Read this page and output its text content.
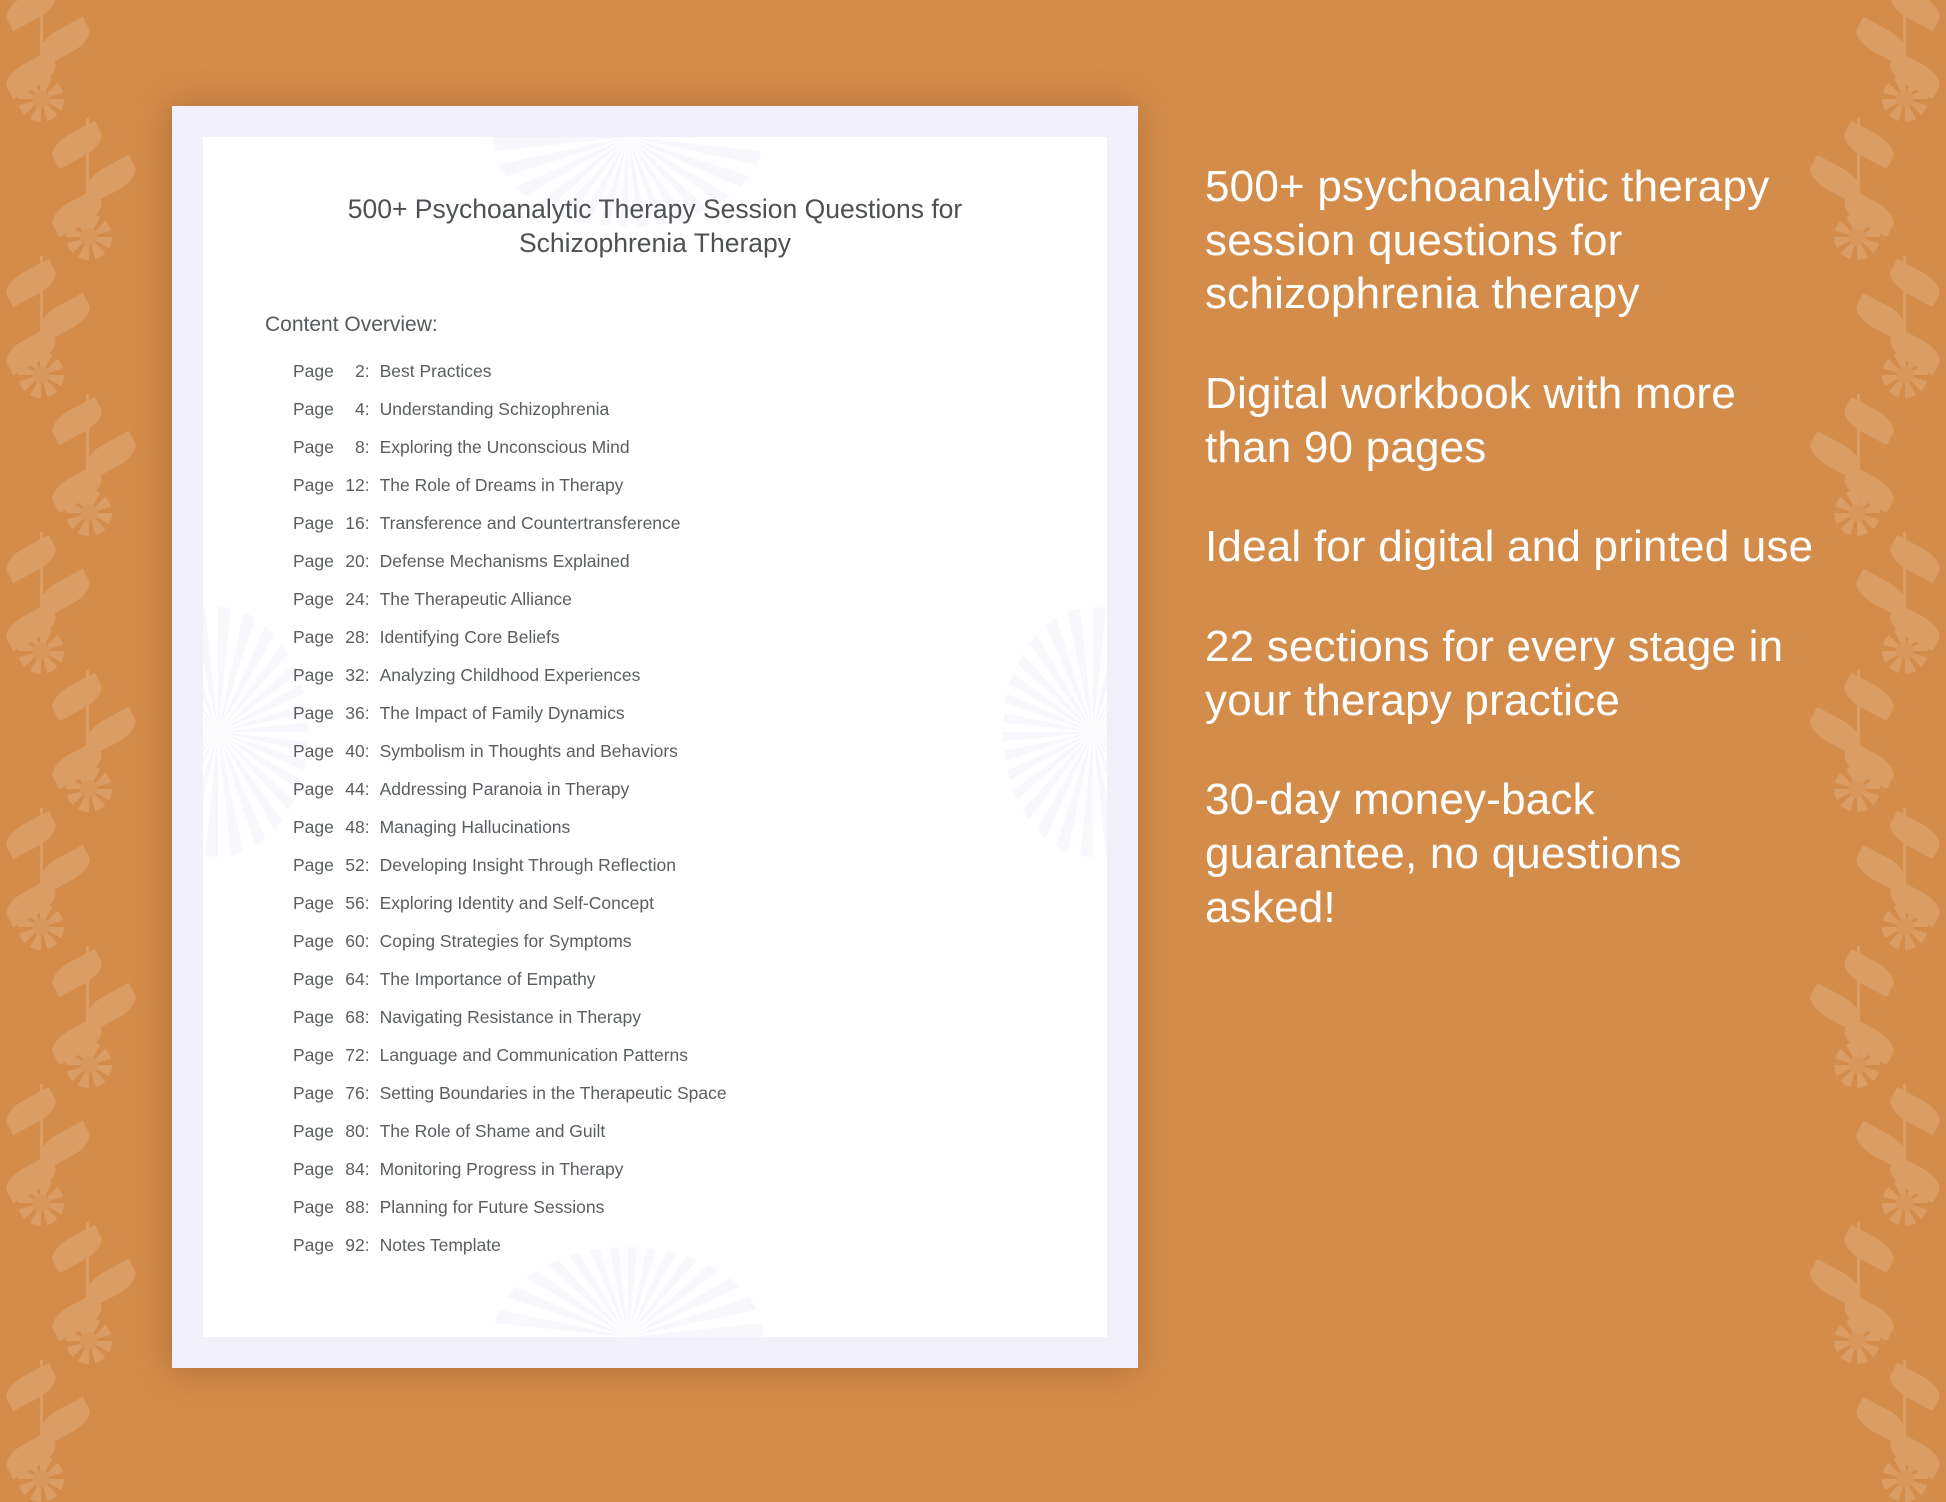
500+ Psychoanalytic Therapy Session Questions for Schizophrenia Therapy
Content Overview:
Page 2 : Best Practices
Page 4 : Understanding Schizophrenia
Page 8 : Exploring the Unconscious Mind
Page 12 : The Role of Dreams in Therapy
Page 16 : Transference and Countertransference
Page 20 : Defense Mechanisms Explained
Page 24 : The Therapeutic Alliance
Page 28 : Identifying Core Beliefs
Page 32 : Analyzing Childhood Experiences
Page 36 : The Impact of Family Dynamics
Page 40 : Symbolism in Thoughts and Behaviors
Page 44 : Addressing Paranoia in Therapy
Page 48 : Managing Hallucinations
Page 52 : Developing Insight Through Reflection
Page 56 : Exploring Identity and Self-Concept
Page 60 : Coping Strategies for Symptoms
Page 64 : The Importance of Empathy
Page 68 : Navigating Resistance in Therapy
Page 72 : Language and Communication Patterns
Page 76 : Setting Boundaries in the Therapeutic Space
Page 80 : The Role of Shame and Guilt
Page 84 : Monitoring Progress in Therapy
Page 88 : Planning for Future Sessions
Page 92 : Notes Template

500+ psychoanalytic therapy session questions for schizophrenia therapy

Digital workbook with more than 90 pages

Ideal for digital and printed use

22 sections for every stage in your therapy practice

30-day money-back guarantee, no questions asked!
